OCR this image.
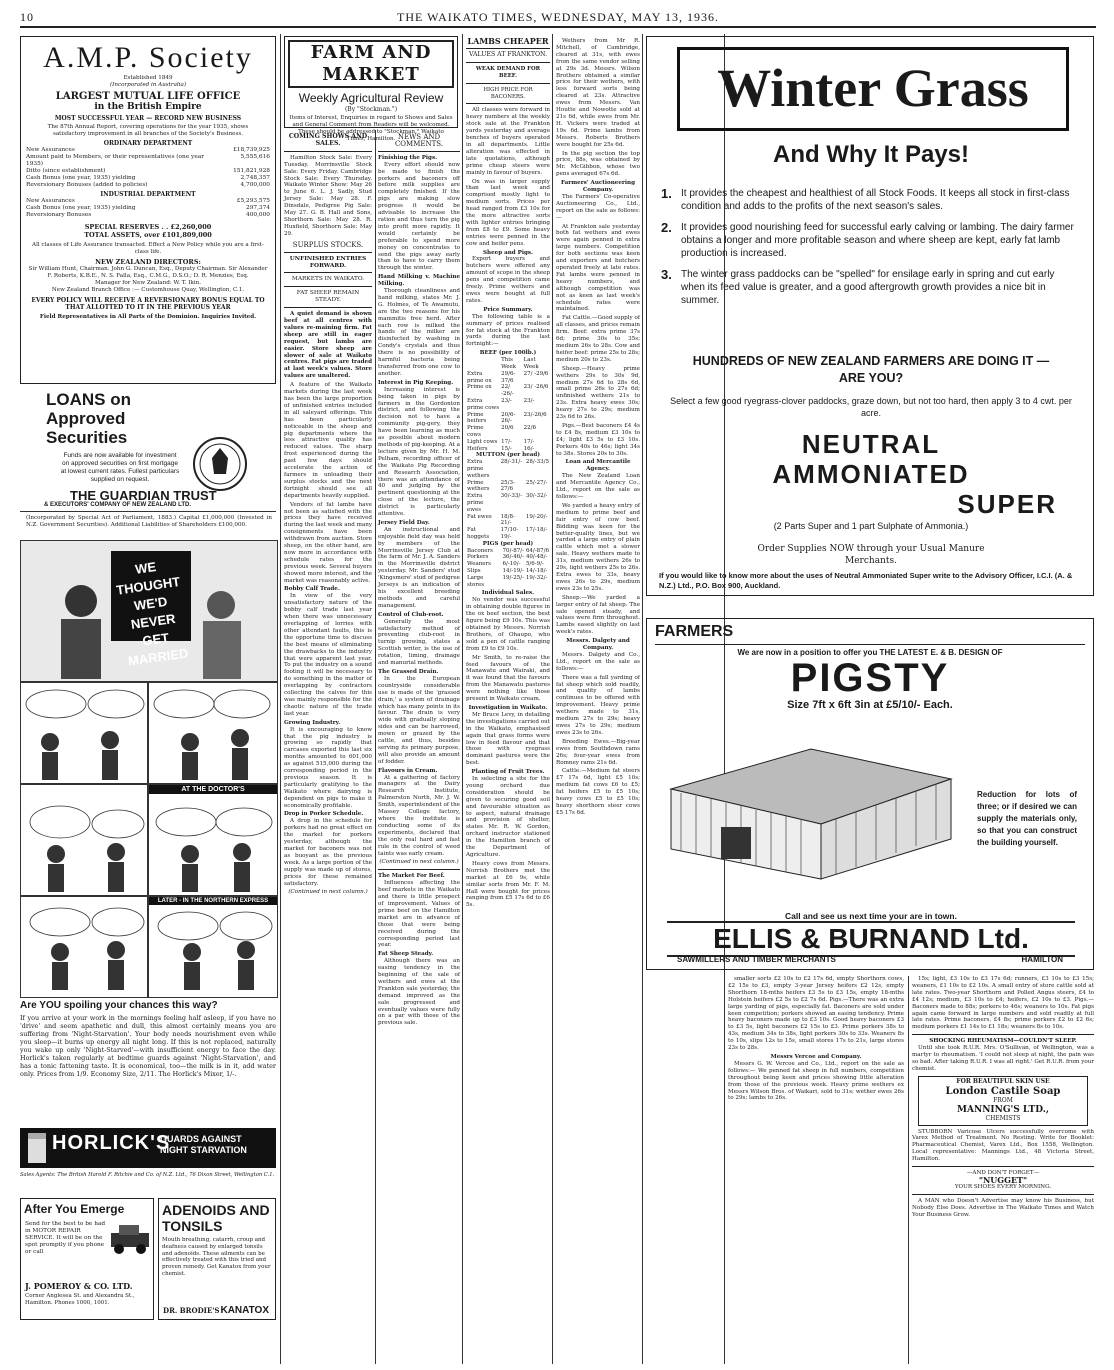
10	THE WAIKATO TIMES, WEDNESDAY, MAY 13, 1936.
A.M.P. Society
Established 1849
(Incorporated in Australia)
LARGEST MUTUAL LIFE OFFICE
in the British Empire
MOST SUCCESSFUL YEAR — RECORD NEW BUSINESS
The 87th Annual Report, covering operations for the year 1935, shows satisfactory improvement in all branches of the Society's Business.
ORDINARY DEPARTMENT
New Assurances	£18,739,925
Amount paid to Members, or their representatives (one year 1935)
5,555,616
Ditto (since establishment)	151,821,928
Cash Bonus (one year, 1935) yielding	2,748,357
Reversionary Bonuses (added to policies)	4,700,000
INDUSTRIAL DEPARTMENT
New Assurances	£5,293,575
Cash Bonus (one year, 1935) yielding	297,374
Reversionary Bonuses	400,000
SPECIAL RESERVES . . £2,260,000
TOTAL ASSETS, over £101,809,000
All classes of Life Assurance transacted. Effect a New Policy while you are a first-class life.
NEW ZEALAND DIRECTORS:
Sir William Hunt, Chairman. John G. Duncan, Esq., Deputy Chairman. Sir Alexander F. Roberts, K.B.E., N. S. Falla, Esq., C.M.G., D.S.O.; D. R. Menzies, Esq.
Manager for New Zealand: W. T. Ikin.
New Zealand Branch Office :— Customhouse Quay, Wellington, C.1.
EVERY POLICY WILL RECEIVE A REVERSIONARY BONUS EQUAL TO THAT ALLOTTED TO IT IN THE PREVIOUS YEAR
Field Representatives in All Parts of the Dominion. Inquiries Invited.
LOANS on Approved Securities
Funds are now available for investment on approved securities on first mortgage at lowest current rates. Fullest particulars supplied on request.
THE GUARDIAN TRUST
& EXECUTORS' COMPANY OF NEW ZEALAND LTD.
(Incorporated by Special Act of Parliament, 1883.) Capital £1,000,000 (Invested in N.Z. Government Securities). Additional Liabilities of Shareholders £100,000.
WE THOUGHT WE'D NEVER GET MARRIED
AT THE DOCTOR'S
LATER - IN THE NORTHERN EXPRESS
Are YOU spoiling your chances this way?
If you arrive at your work in the mornings feeling half asleep, if you have no 'drive' and seem apathetic and dull, this almost certainly means you are suffering from 'Night-Starvation'. Your body needs nourishment even while you sleep—it burns up energy all night long. If this is not replaced, naturally you wake up only 'Night-Starved'—with insufficient energy to face the day. Horlick's taken regularly at bedtime guards against 'Night-Starvation', and has a tonic fattening taste. It is economical, too—the milk is in it, add water only. Prices from 1/9. Economy Size, 2/11. The Horlick's Mixer, 1/-.
HORLICK'S
GUARDS AGAINST NIGHT STARVATION
Sales Agents: The British Harold F. Ritchie and Co. of N.Z. Ltd., 76 Dixon Street, Wellington C.1.
After You Emerge
Send for the best to be had in MOTOR REPAIR SERVICE. It will be on the spot promptly if you phone or call
J. POMEROY & CO. LTD.
Corner Anglesea St. and Alexandra St., Hamilton. Phones 1000, 1001.
ADENOIDS AND TONSILS
Mouth breathing, catarrh, croup and deafness caused by enlarged tonsils and adenoids. These ailments can be effectively treated with this tried and proven remedy. Get Kanatox from your chemist.
DR. BRODIE'S KANATOX
FARM AND MARKET
Weekly Agricultural Review
(By "Stockman.")
Items of Interest, Enquiries in regard to Shows and Sales and General Comment from Readers will be welcomed. These should be addressed to "Stockman," Waikato Times, Hamilton.
COMING SHOWS AND SALES.

Hamilton Stock Sale: Every Tuesday. Morrinsville Stock Sale: Every Friday. Cambridge Stock Sale: Every Thursday. Waikato Winter Show: May 26 to June 6. L. J. Sadly, Stud Jersey Sale: May 28. F. Dinsdale, Pedigree Pig Sale: May 27. G. B. Hall and Sons, Shorthorn Sale: May 28. R. Huxfield, Shorthorn Sale: May 29.

SURPLUS STOCKS.
UNFINISHED ENTRIES FORWARD.
MARKETS IN WAIKATO.
FAT SHEEP REMAIN STEADY.

A quiet demand is shown beef at all centres with values re-maining firm. Fat sheep are still in eager request, but lambs are easier. Store sheep are slower of sale at Waikato centres. Fat pigs are traded at last week's values. Store values are unaltered.

A feature of the Waikato markets during the last week has been the large proportion of unfinished entries included in all saleyard offerings. This has been particularly noticeable in the sheep and pig departments where the less attractive quality has reduced values. The sharp frost experienced during the past few days should accelerate the action of farmers in unloading their surplus stocks and the next fortnight should see all departments heavily supplied.

Vendors of fat lambs have not been as satisfied with the prices they have received during the last week and many consignments have been withdrawn from auction. Store sheep, on the other hand, are now more in accordance with schedule rates for the previous week. Several buyers showed more interest, and the market was reasonably active.

Bobby Calf Trade.

In view of the very unsatisfactory nature of the bobby calf trade last year when there was unnecessary overlapping of lorries with other attendant faults, this is the opportune time to discuss the best means of eliminating the drawbacks to the industry that were apparent last year. To put the industry on a sound footing it will be necessary to do something in the matter of overlapping by contractors collecting the calves for this was mainly responsible for the chaotic nature of the trade last year.

Growing Industry.

It is encouraging to know that the pig industry is growing so rapidly that carcases exported this last six months amounted to 601,000 as against 515,000 during the corresponding period in the previous season. It is particularly gratifying to the Waikato where dairying is dependent on pigs to make it economically profitable.

Drop in Porker Schedule.

A drop in the schedule for porkers had no great effect on the market for porkers yesterday, although the market for baconers was not as buoyant as the previous week. As a large portion of the supply was made up of stores, prices for these remained satisfactory.

(Continued in next column.)
NEWS AND COMMENTS.
Finishing the Pigs.

Every effort should now be made to finish the porkers and baconers off before milk supplies are completely finished. If the pigs are making slow progress it would be advisable to increase the ration and thus turn the pig into profit more rapidly. It would certainly be preferable to spend more money on concentrates to send the pigs away early than to have to carry them through the winter.

Hand Milking v. Machine Milking.

Thorough cleanliness and hand milking, states Mr. J. G. Holmes, of Te Awamutu, are the two reasons for his mammitis free herd. After each row is milked the hands of the milker are disinfected by washing in Condy's crystals and thus there is no possibility of harmful bacteria being transferred from one cow to another.

Interest in Pig Keeping.

Increasing interest is being taken in pigs by farmers in the Gordonton district, and following the decision not to have a community pig-gery, they have been learning as much as possible about modern methods of pig-keeping. At a lecture given by Mr. H. M. Pelham, recording officer of the Waikato Pig Recording and Research Association, there was an attendance of 40 and judging by the pertinent questioning at the close of the lecture, the district is particularly attentive.

Jersey Field Day.

An instructional and enjoyable field day was held by members of the Morrinsville Jersey Club at the farm of Mr. J. A. Sanders in the Morrinsville district yesterday. Mr. Sanders' stud 'Kingsmere' stud of pedigree Jerseys is an indication of his excellent breeding methods and careful management.

Control of Club-root.

Generally the most satisfactory method of preventing club-root in turnip growing, states a Scottish writer, is the use of rotation, liming, drainage and manurial methods.

The Grassed Drain.

In the European countryside considerable use is made of the 'grassed drain,' a system of drainage which has many points in its favour. The drain is very wide with gradually sloping sides and can be harrowed, mown or grazed by the cattle, and thus, besides serving its primary purpose, will also provide an amount of fodder.

Flavours in Cream.

At a gathering of factory managers at the Dairy Research Institute, Palmerston North, Mr. J. W. Smith, superintendent of the Massey College factory, where the institute is conducting some of its experiments, declared that the only real hard and fast rule in the control of weed taints was early cream.

(Continued in next column.)
The Market For Beef.

Influences affecting the beef markets in the Waikato and there is little prospect of improvement. Values of prime beef on the Hamilton market are in advance of those that were being received during the corresponding period last year.

Fat Sheep Steady.

Although there was an easing tendency in the beginning of the sale of wethers and ewes at the Frankton sale yesterday, the demand improved as the sale progressed and eventually values were fully on a par with those of the previous sale.

LAMBS CHEAPER
VALUES AT FRANKTON.
WEAK DEMAND FOR BEEF.
HIGH PRICE FOR BACONERS.

All classes were forward in heavy numbers at the weekly stock sale at the Frankton yards yesterday and average benches of buyers operated in all departments. Little alteration was effected in late quotations, although prime cheap steers were mainly in favour of buyers.

Ox was in larger supply than last week and comprised mostly light to medium sorts. Prices per head ranged from £3 10s for the more attractive sorts with lighter entries bringing from £8 to £9. Some heavy entries were penned in the cow and heifer pens.

Sheep and Pigs.

Export buyers and butchers were offered any amount of scope in the sheep pens and competition came freely. Prime wethers and ewes were bought at full rates.

Price Summary.

The following table is a summary of prices realised for fat stock at the Frankton yards during the last fortnight:—

BEEF (per 100lb.)
	This Week	Last Week
Extra prime ox	29/6-37/6	27/ -29/6
Prime ox	22/ -26/-	23/ -26/6
Extra prime cows	23/-	23/-
Prime heifers	20/6-26/-	23/-26/6
Prime cows	20/6	22/6
Light cows	17/-	17/-
Heifers	15/-	16/-
MUTTON (per head)
Extra prime wethers	28/-31/-	28/-33/5
Prime wethers	25/3-27/6	25/-27/-
Extra prime ewes	30/-33/-	30/-32/-
Fat ewes	18/8-21/-	19/-20/-
Fat hoggets	17/10-19/-	17/-18/-
PIGS (per head)
Baconers	70/-87/-	64/-87/6
Porkers	36/-46/-	40/-48/-
Weaners	6/-10/-	5/6-9/-
Slips	14/-19/-	14/-18/-
Large stores	19/-25/-	19/-32/-
Individual Sales.

No vendor was successful in obtaining double figures in the ox beef section, the best figure being £9 10s. This was obtained by Messrs. Norrish Brothers, of Ohaupo, who sold a pen of cattle ranging from £9 to £9 10s.

Mr Smith, to re-raise the feed favours of the Manawatu and Wairaki, and it was found that the favours from the Manawatu pastures were nothing like those present in Waikato cream.

Investigation in Waikato.

Mr Bruce Levy, in detailing the investigations carried out in the Waikato, emphasised again that grass forms were low in feed flavour and that those with ryegrass dominant pastures were the best.

Planting of Fruit Trees.

In selecting a site for the young orchard due consideration should be given to securing good soil and favourable situation as to aspect, natural drainage and provision of shelter, states Mr. R. W. Gordon, orchard instructor stationed in the Hamilton branch of the Department of Agriculture.

Heavy cows from Messrs. Norrish Brothers met the market at £6 9s, while similar sorts from Mr. F. M. Hall were bought for prices ranging from £5 17s 6d to £6 5s.

Wethers from Mr R. Mitchell, of Cambridge, cleared at 31s, with ewes from the same vendor selling at 29s 3d. Messrs. Wilson Brothers obtained a similar price for their wethers, with less forward sorts being cleared at 23s. Attractive ewes from Messrs. Van Houtte and Nowotte sold at 21s 6d, while ewes from Mr. H. Vickers were traded at 19s 6d. Prime lambs from Messrs. Roberts Brothers were bought for 25s 6d.

In the pig section the top price, 88s, was obtained by Mr. McGibbon, whose two pens averaged 67s 6d.

Farmers' Auctioneering Company.

The Farmers' Co-operative Auctioneering Co., Ltd., report on the sale as follows:—

At Frankton sale yesterday both fat wethers and ewes were again penned in extra large numbers. Competition for both sections was keen and exporters and butchers operated freely at late rates. Fat lambs were penned in heavy numbers, and although competition was not as keen as last week's schedule rates were maintained.

Fat Cattle.—Good supply of all classes, and prices remain firm. Beef: extra prime 37s 6d; prime 30s to 35s; medium 26s to 28s. Cow and heifer beef: prime 25s to 28s; medium 20s to 23s.

Sheep.—Heavy prime wethers 29s to 30s 9d, medium 27s 6d to 28s 6d, small prime 26s to 27s 6d; unfinished wethers 21s to 23s. Extra heavy ewes 30s; heavy 27s to 29s; medium 23s 6d to 26s.

Pigs.—Best baconers £4 4s to £4 8s, medium £3 10s to £4; light £3 5s to £3 10s. Porkers 40s to 46s; light 34s to 38s. Stores 20s to 30s.

Loan and Mercantile Agency.

The New Zealand Loan and Mercantile Agency Co., Ltd., report on the sale as follows:—

We yarded a heavy entry of medium to prime beef and fair entry of cow beef. Bidding was keen for the better-quality lines, but we yarded a large entry of plain cattle which met a slower sale. Heavy wethers made to 31s, medium wethers 26s to 29s, light wethers 25s to 26s. Extra ewes to 33s, heavy ewes 26s to 29s, medium ewes 23s to 25s.

Sheep.—We yarded a larger entry of fat sheep. The sale opened steady, and values were firm throughout. Lambs eased slightly on last week's rates.

Messrs. Dalgety and Company.

Messrs. Dalgety and Co., Ltd., report on the sale as follows:—

There was a full yarding of fat sheep which sold readily, and quality of lambs continues to be offered with improvement. Heavy prime wethers made to 31s, medium 27s to 29s; heavy ewes 27s to 29s; medium ewes 23s to 26s.

Breeding Ewes.—Big-year ewes from Southdown rams 26s; four-year ewes from Romney rams 21s 6d.

Cattle.—Medium fat steers £7 17s 6d, light £5 10s; medium fat cows £6 to £5; fat heifers £5 to £5 10s; heavy cows £5 to £5 10s; heavy shorthorn steer cows £5 17s 6d.

Winter Grass
And Why It Pays!
1. It provides the cheapest and healthiest of all Stock Foods. It keeps all stock in first-class condition and adds to the profits of the next season's sales.
2. It provides good nourishing feed for successful early calving or lambing. The dairy farmer obtains a longer and more profitable season and where sheep are kept, early fat lamb production is increased.
3. The winter grass paddocks can be "spelled" for ensilage early in spring and cut early when its feed value is greater, and a good aftergrowth growth provides a nice bit in summer.
HUNDREDS OF NEW ZEALAND FARMERS ARE DOING IT — ARE YOU?
Select a few good ryegrass-clover paddocks, graze down, but not too hard, then apply 3 to 4 cwt. per acre.
NEUTRAL
AMMONIATED
SUPER
(2 Parts Super and 1 part Sulphate of Ammonia.)
Order Supplies NOW through your Usual Manure Merchants.
If you would like to know more about the uses of Neutral Ammoniated Super write to the Advisory Officer, I.C.I. (A. & N.Z.) Ltd., P.O. Box 900, Auckland.
FARMERS
We are now in a position to offer you THE LATEST E. & B. DESIGN OF
PIGSTY
Size 7ft x 6ft 3in at £5/10/- Each.
Reduction for lots of three; or if desired we can supply the materials only, so that you can construct the building yourself.
Call and see us next time your are in town.
ELLIS & BURNAND Ltd.
SAWMILLERS AND TIMBER MERCHANTS	HAMILTON

smaller sorts £2 10s to £2 17s 6d, empty Shorthorn cows, £2 15s to £3, empty 3-year Jersey heifers £2 12s, empty Shorthorn 18-mths heifers £3 5s to £3 15s, empty 18-mths Holstein heifers £2 5s to £2 7s 6d. Pigs.—There was an extra large yarding of pigs, especially fat. Baconers are sold under keen competition; porkers showed an easing tendency. Prime heavy baconers made up to £3 10s. Good heavy baconers £3 to £3 5s, light baconers £2 15s to £3. Prime porkers 38s to 43s, medium 34s to 38s, light porkers 30s to 33s. Weaners 8s to 10s, slips 12s to 15s, small stores 17s to 21s, large stores 23s to 28s.

Messrs Vercoe and Company.

Messrs G. W. Vercoe and Co., Ltd., report on the sale as follows:— We penned fat sheep in full numbers, competition throughout being keen and prices showing little alteration from those of the previous week. Heavy prime wethers ex Messrs Wilson Bros. of Waikari, sold to 31s; wether ewes 26s to 29s; lambs to 26s.

15s; light, £3 10s to £3 17s 6d; runners, £3 10s to £3 15s; weaners, £1 10s to £2 10s. A small entry of store cattle sold at late rates. Two-year Shorthorn and Polled Angus steers, £4 to £4 12s; medium, £3 10s to £4; heifers, £2 10s to £3. Pigs.—Baconers made to 88s; porkers to 46s; weaners to 10s. Fat pigs again came forward in large numbers and sold readily at full late rates. Prime baconers, £4 8s; prime porkers £2 to £2 6s; medium porkers £1 14s to £1 18s; weaners 8s to 10s.

SHOCKING RHEUMATISM—COULDN'T SLEEP.

Until she took R.U.R. Mrs. O'Sullivan, of Wellington, was a martyr to rheumatism. 'I could not sleep at night, the pain was so bad. After taking R.U.R. I was all right.' Get R.U.R. from your chemist.

FOR BEAUTIFUL SKIN USE
London Castile Soap
FROM
MANNING'S LTD.,
CHEMISTS

STUBBORN Varicose Ulcers successfully overcome with Varex Method of Treatment. No Resting. Write for Booklet: Pharmaceutical Chemist, Varex Ltd., Box 1558, Wellington. Local representative: Mannings Ltd., 48 Victoria Street, Hamilton.

—AND DON'T FORGET—
"NUGGET"
YOUR SHOES EVERY MORNING.

A MAN who Doesn't Advertise may know his Business, but Nobody Else Does. Advertise in The Waikato Times and Watch Your Business Grow.
